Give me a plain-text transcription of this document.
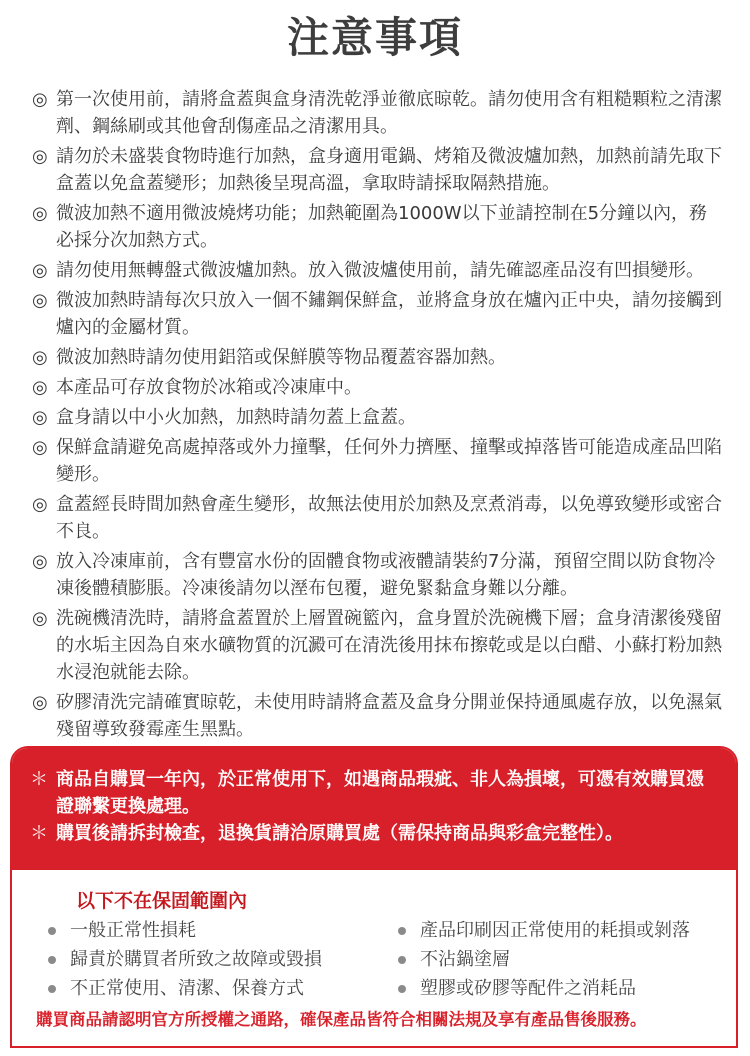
注意事項
◎ 第一次使用前，請將盒蓋與盒身清洗乾淨並徹底晾乾。請勿使用含有粗糙顆粒之清潔劑、鋼絲刷或其他會刮傷產品之清潔用具。
◎ 請勿於未盛裝食物時進行加熱，盒身適用電鍋、烤箱及微波爐加熱，加熱前請先取下盒蓋以免盒蓋變形；加熱後呈現高溫，拿取時請採取隔熱措施。
◎ 微波加熱不適用微波燒烤功能；加熱範圍為1000W以下並請控制在5分鐘以內，務必採分次加熱方式。
◎ 請勿使用無轉盤式微波爐加熱。放入微波爐使用前，請先確認產品沒有凹損變形。
◎ 微波加熱時請每次只放入一個不鏽鋼保鮮盒，並將盒身放在爐內正中央，請勿接觸到爐內的金屬材質。
◎ 微波加熱時請勿使用鋁箔或保鮮膜等物品覆蓋容器加熱。
◎ 本產品可存放食物於冰箱或冷凍庫中。
◎ 盒身請以中小火加熱，加熱時請勿蓋上盒蓋。
◎ 保鮮盒請避免高處掉落或外力撞擊，任何外力擠壓、撞擊或掉落皆可能造成產品凹陷變形。
◎ 盒蓋經長時間加熱會產生變形，故無法使用於加熱及烹煮消毒，以免導致變形或密合不良。
◎ 放入冷凍庫前，含有豐富水份的固體食物或液體請裝約7分滿，預留空間以防食物冷凍後體積膨脹。冷凍後請勿以溼布包覆，避免緊黏盒身難以分離。
◎ 洗碗機清洗時，請將盒蓋置於上層置碗籃內，盒身置於洗碗機下層；盒身清潔後殘留的水垢主因為自來水礦物質的沉澱可在清洗後用抹布擦乾或是以白醋、小蘇打粉加熱水浸泡就能去除。
◎ 矽膠清洗完請確實晾乾，未使用時請將盒蓋及盒身分開並保持通風處存放，以免濕氣殘留導致發霉產生黑點。
＊ 商品自購買一年內，於正常使用下，如遇商品瑕疵、非人為損壞，可憑有效購買憑證聯繫更換處理。
＊ 購買後請拆封檢查，退換貨請洽原購買處（需保持商品與彩盒完整性）。
以下不在保固範圍內
一般正常性損耗
歸責於購買者所致之故障或毀損
不正常使用、清潔、保養方式
產品印刷因正常使用的耗損或剝落
不沾鍋塗層
塑膠或矽膠等配件之消耗品
購買商品請認明官方所授權之通路，確保產品皆符合相關法規及享有產品售後服務。
